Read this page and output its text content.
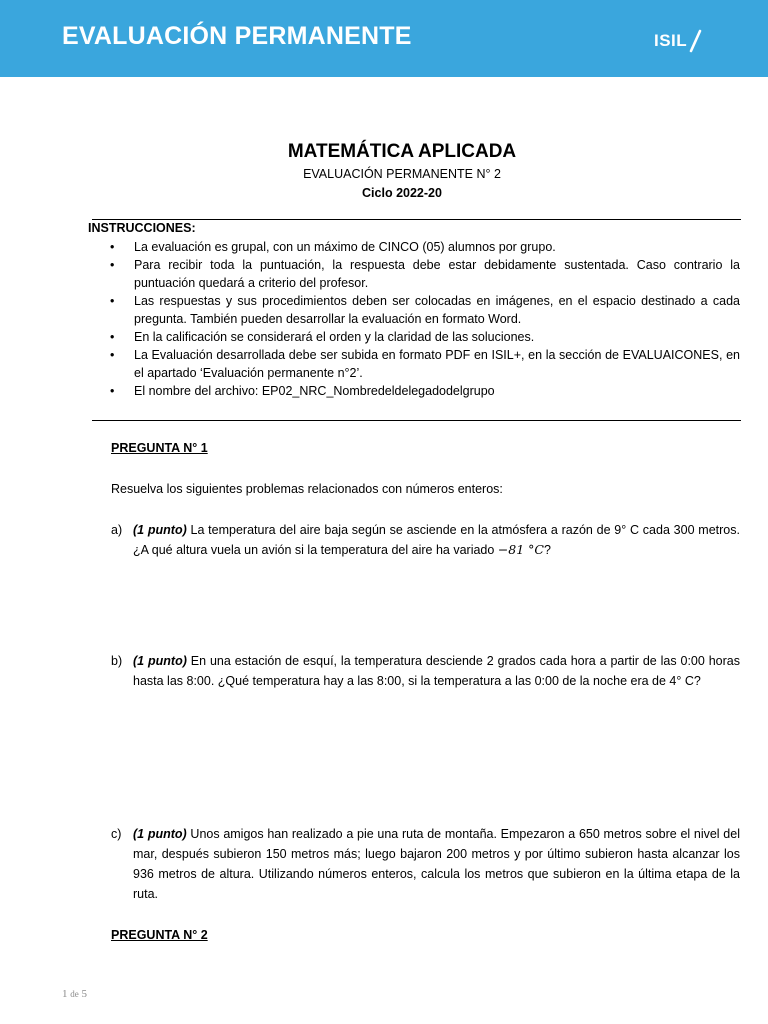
EVALUACIÓN PERMANENTE	ISIL
MATEMÁTICA APLICADA
EVALUACIÓN PERMANENTE N° 2
Ciclo 2022-20
INSTRUCCIONES:
• La evaluación es grupal, con un máximo de CINCO (05) alumnos por grupo.
• Para recibir toda la puntuación, la respuesta debe estar debidamente sustentada. Caso contrario la puntuación quedará a criterio del profesor.
• Las respuestas y sus procedimientos deben ser colocadas en imágenes, en el espacio destinado a cada pregunta. También pueden desarrollar la evaluación en formato Word.
• En la calificación se considerará el orden y la claridad de las soluciones.
• La Evaluación desarrollada debe ser subida en formato PDF en ISIL+, en la sección de EVALUAICONES, en el apartado ‘Evaluación permanente n°2’.
• El nombre del archivo: EP02_NRC_Nombredeldelegadodelgrupo
PREGUNTA N° 1
Resuelva los siguientes problemas relacionados con números enteros:
a) (1 punto) La temperatura del aire baja según se asciende en la atmósfera a razón de 9° C cada 300 metros. ¿A qué altura vuela un avión si la temperatura del aire ha variado −81 °C?
b) (1 punto) En una estación de esquí, la temperatura desciende 2 grados cada hora a partir de las 0:00 horas hasta las 8:00. ¿Qué temperatura hay a las 8:00, si la temperatura a las 0:00 de la noche era de 4° C?
c) (1 punto) Unos amigos han realizado a pie una ruta de montaña. Empezaron a 650 metros sobre el nivel del mar, después subieron 150 metros más; luego bajaron 200 metros y por último subieron hasta alcanzar los 936 metros de altura. Utilizando números enteros, calcula los metros que subieron en la última etapa de la ruta.
PREGUNTA N° 2
1 de 5
